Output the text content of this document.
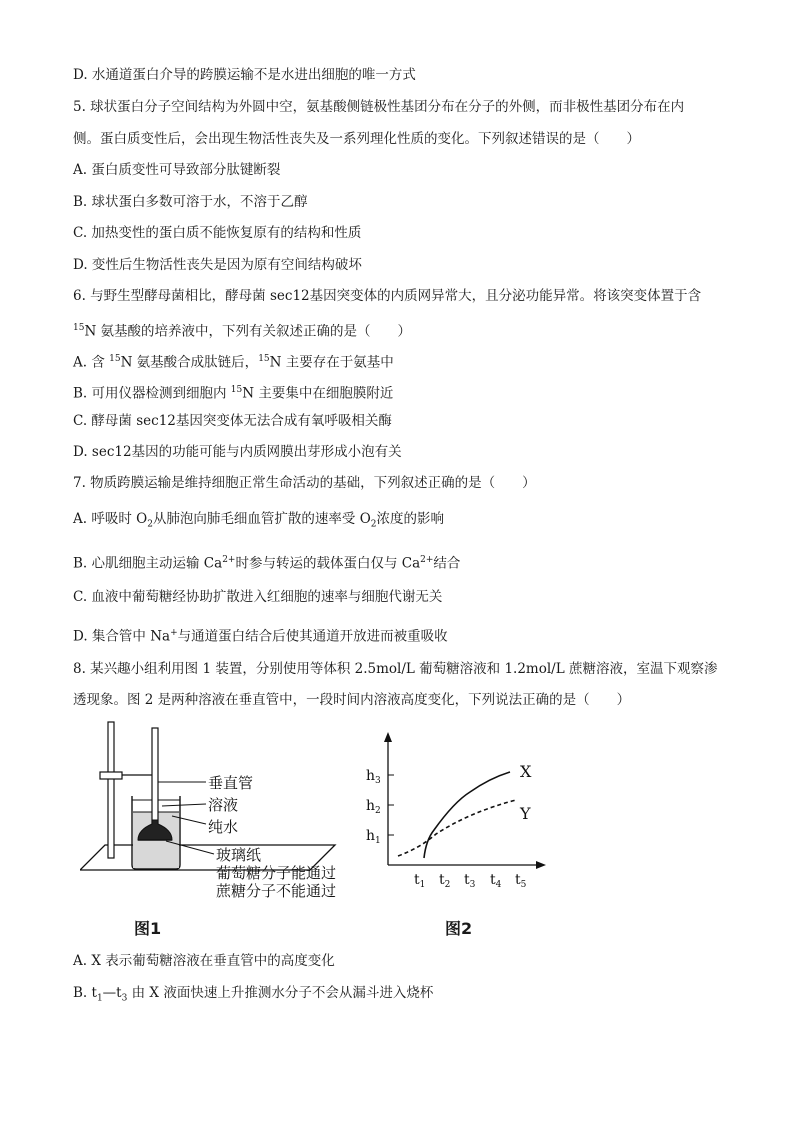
D. 水通道蛋白介导的跨膜运输不是水进出细胞的唯一方式
5. 球状蛋白分子空间结构为外圆中空，氨基酸侧链极性基团分布在分子的外侧，而非极性基团分布在内
侧。蛋白质变性后，会出现生物活性丧失及一系列理化性质的变化。下列叙述错误的是（　　）
A. 蛋白质变性可导致部分肽键断裂
B. 球状蛋白多数可溶于水，不溶于乙醇
C. 加热变性的蛋白质不能恢复原有的结构和性质
D. 变性后生物活性丧失是因为原有空间结构破坏
6. 与野生型酵母菌相比，酵母菌 sec12基因突变体的内质网异常大，且分泌功能异常。将该突变体置于含
$^{15}$N 氨基酸的培养液中，下列有关叙述正确的是（　　）
A. 含 $^{15}$N 氨基酸合成肽链后，$^{15}$N 主要存在于氨基中
B. 可用仪器检测到细胞内 $^{15}$N 主要集中在细胞膜附近
C. 酵母菌 sec12基因突变体无法合成有氧呼吸相关酶
D. sec12基因的功能可能与内质网膜出芽形成小泡有关
7. 物质跨膜运输是维持细胞正常生命活动的基础，下列叙述正确的是（　　）
A. 呼吸时 $O_2$从肺泡向肺毛细血管扩散的速率受 $O_2$浓度的影响
B. 心肌细胞主动运输 $Ca^{2+}$时参与转运的载体蛋白仅与 $Ca^{2+}$结合
C. 血液中葡萄糖经协助扩散进入红细胞的速率与细胞代谢无关
D. 集合管中 Na+与通道蛋白结合后使其通道开放进而被重吸收
8. 某兴趣小组利用图 1 装置，分别使用等体积 2.5mol/L 葡萄糖溶液和 1.2mol/L 蔗糖溶液，室温下观察渗
透现象。图 2 是两种溶液在垂直管中，一段时间内溶液高度变化，下列说法正确的是（　　）
垂直管
溶液
纯水
玻璃纸
葡萄糖分子能通过
蔗糖分子不能通过
图1
$h_3$
$h_2$
$h_1$
$t_1$ $t_2$ $t_3$ $t_4$ $t_5$
X
Y
图2
A. X 表示葡萄糖溶液在垂直管中的高度变化
B. $t_1—t_3$ 由 X 液面快速上升推测水分子不会从漏斗进入烧杯
